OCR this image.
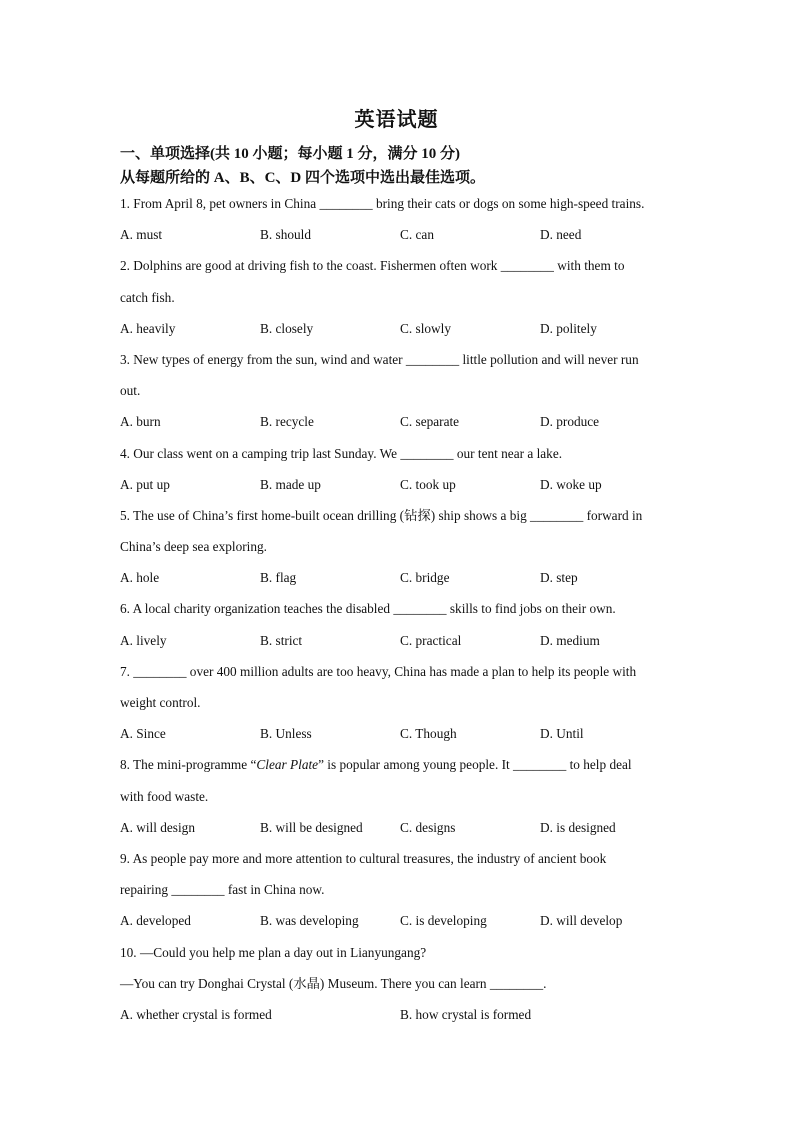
英语试题
一、单项选择(共 10 小题；每小题 1 分，满分 10 分)
从每题所给的 A、B、C、D 四个选项中选出最佳选项。
1. From April 8, pet owners in China ________ bring their cats or dogs on some high-speed trains.
A. must	B. should	C. can	D. need
2. Dolphins are good at driving fish to the coast. Fishermen often work ________ with them to
catch fish.
A. heavily	B. closely	C. slowly	D. politely
3. New types of energy from the sun, wind and water ________ little pollution and will never run
out.
A. burn	B. recycle	C. separate	D. produce
4. Our class went on a camping trip last Sunday. We ________ our tent near a lake.
A. put up	B. made up	C. took up	D. woke up
5. The use of China’s first home-built ocean drilling (钻探) ship shows a big ________ forward in
China’s deep sea exploring.
A. hole	B. flag	C. bridge	D. step
6. A local charity organization teaches the disabled ________ skills to find jobs on their own.
A. lively	B. strict	C. practical	D. medium
7. ________ over 400 million adults are too heavy, China has made a plan to help its people with
weight control.
A. Since	B. Unless	C. Though	D. Until
8. The mini-programme “Clear Plate” is popular among young people. It ________ to help deal
with food waste.
A. will design	B. will be designed	C. designs	D. is designed
9. As people pay more and more attention to cultural treasures, the industry of ancient book
repairing ________ fast in China now.
A. developed	B. was developing	C. is developing	D. will develop
10. —Could you help me plan a day out in Lianyungang?
—You can try Donghai Crystal (水晶) Museum. There you can learn ________.
A. whether crystal is formed	B. how crystal is formed
